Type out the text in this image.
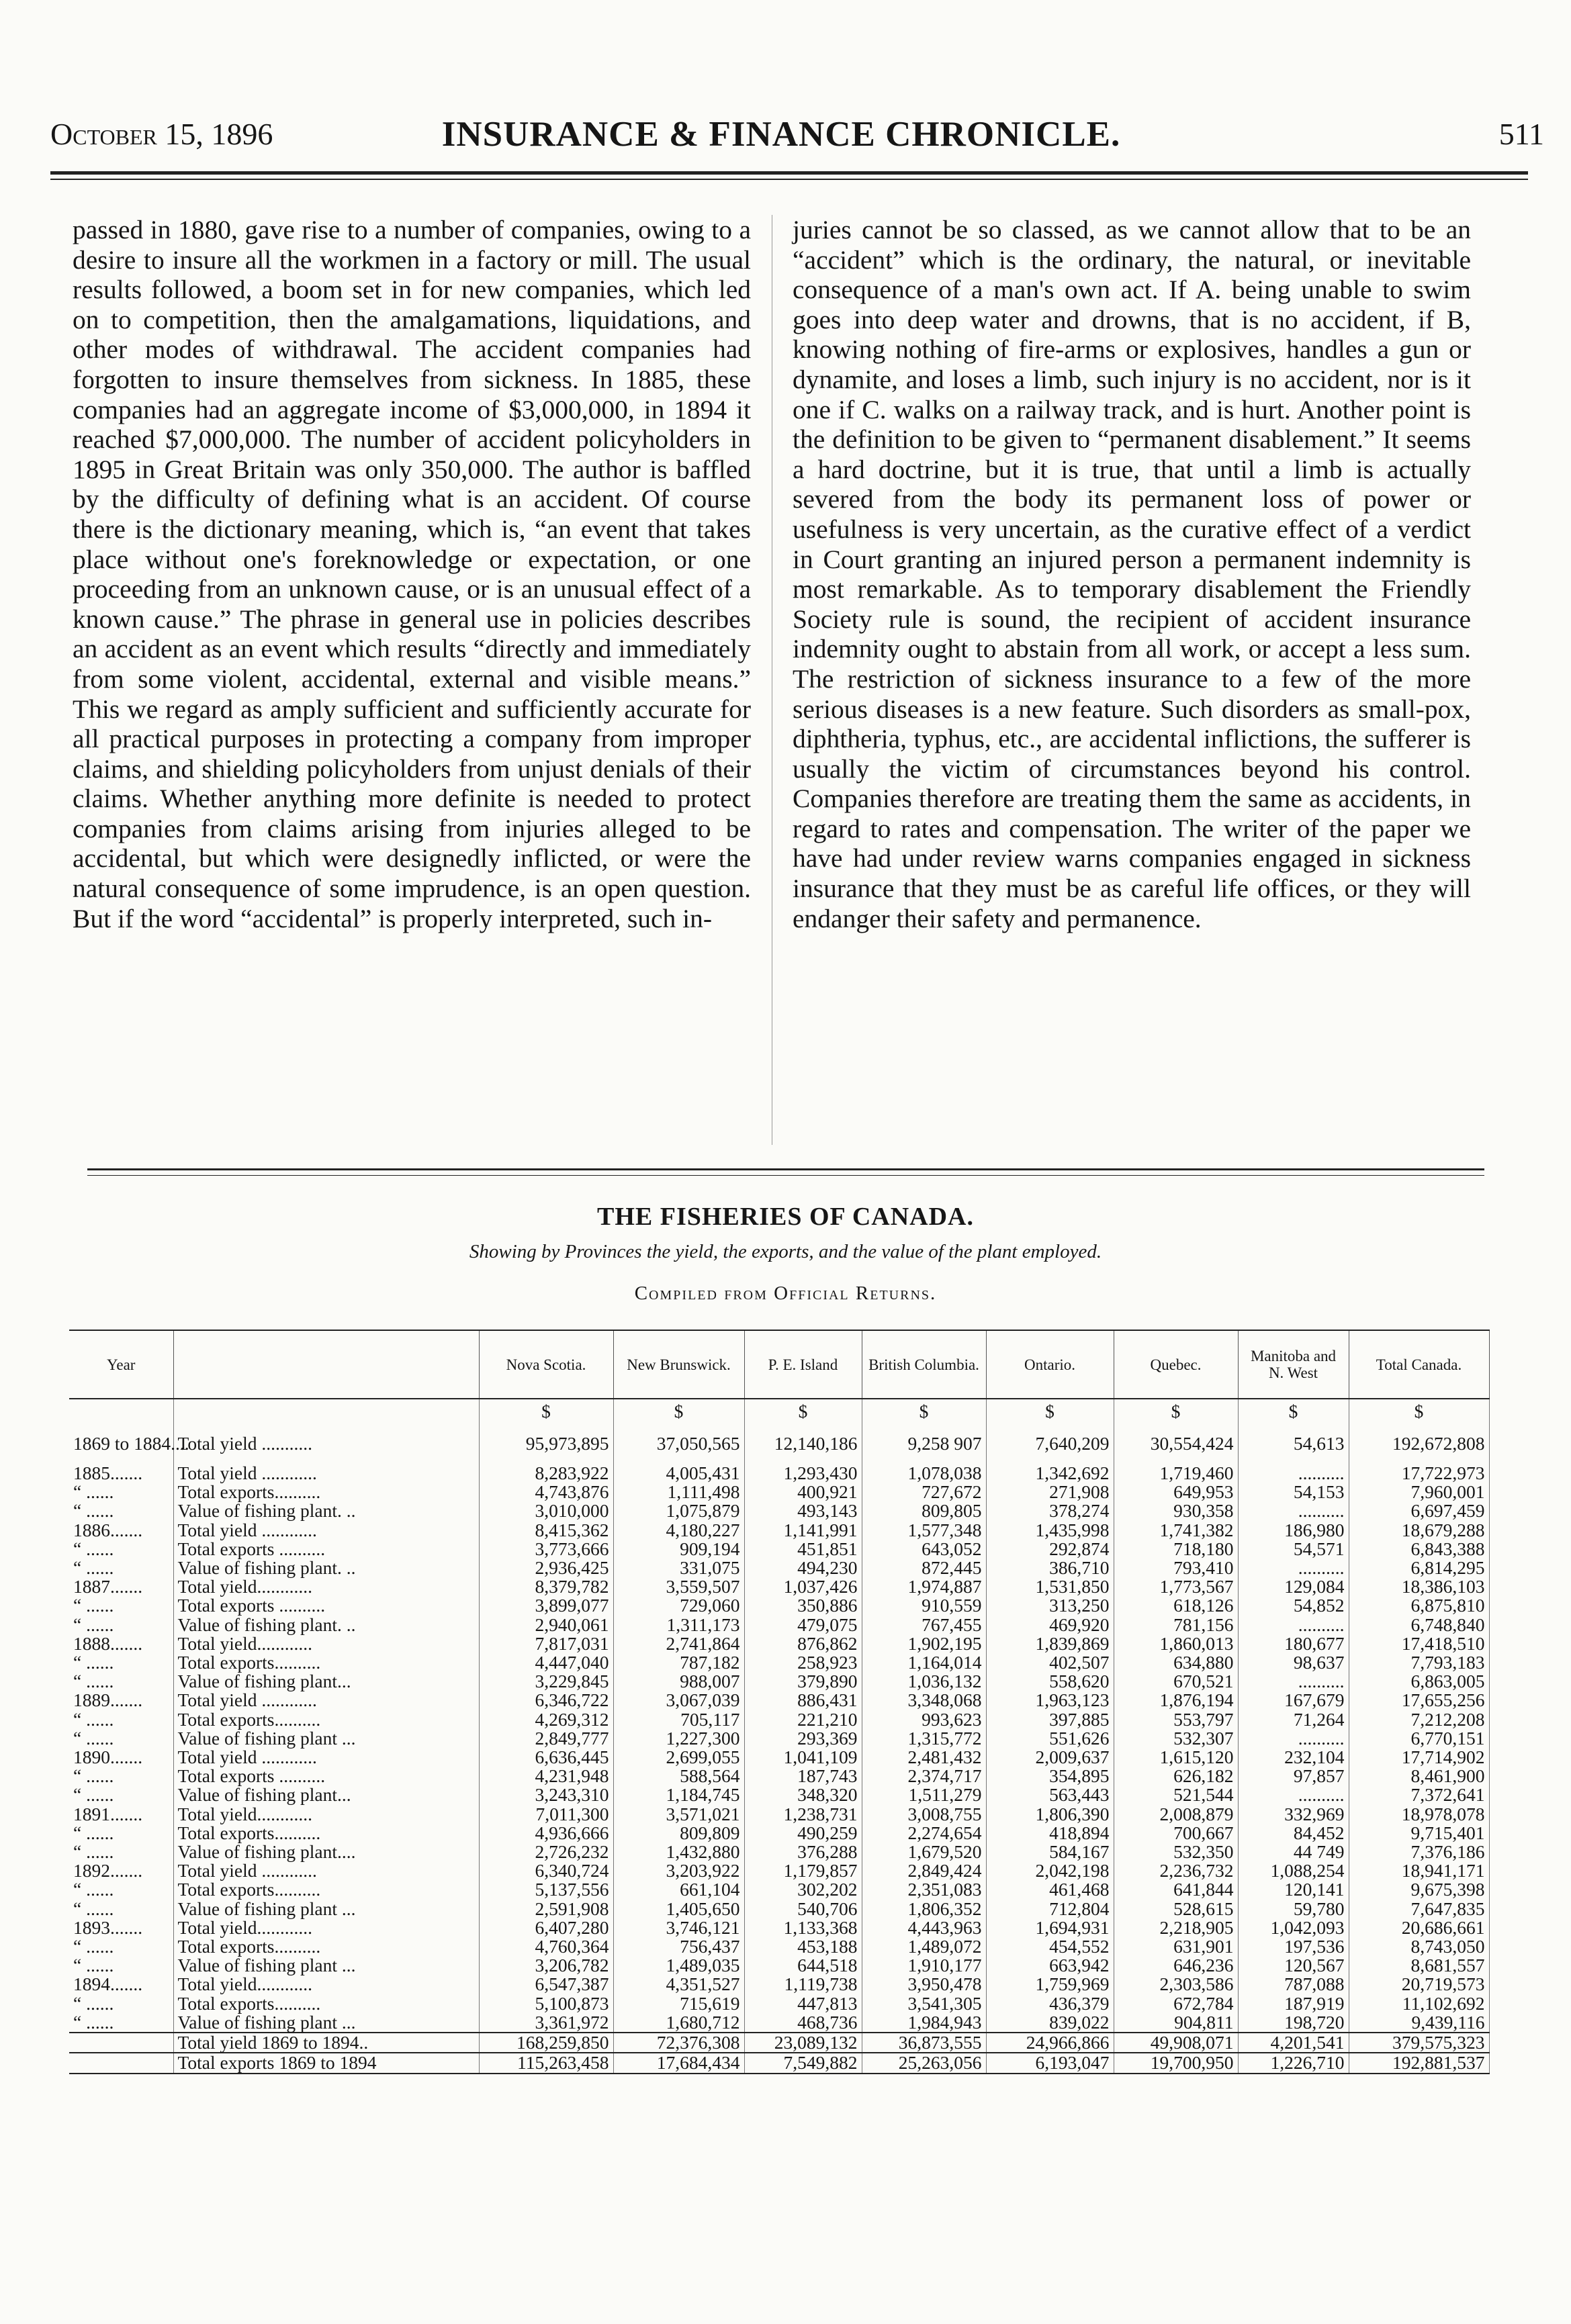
October 15, 1896	INSURANCE & FINANCE CHRONICLE.	511

passed in 1880, gave rise to a number of companies, owing to a desire to insure all the workmen in a factory or mill. The usual results followed, a boom set in for new companies, which led on to competition, then the amalgamations, liquidations, and other modes of withdrawal. The accident companies had forgotten to insure themselves from sickness. In 1885, these companies had an aggregate income of $3,000,000, in 1894 it reached $7,000,000. The number of accident policyholders in 1895 in Great Britain was only 350,000. The author is baffled by the difficulty of defining what is an accident. Of course there is the dictionary meaning, which is, “an event that takes place without one's foreknowledge or expectation, or one proceeding from an unknown cause, or is an unusual effect of a known cause.” The phrase in general use in policies describes an accident as an event which results “directly and immediately from some violent, accidental, external and visible means.” This we regard as amply sufficient and sufficiently accurate for all practical purposes in protecting a company from improper claims, and shielding policyholders from unjust denials of their claims. Whether anything more definite is needed to protect companies from claims arising from injuries alleged to be accidental, but which were designedly inflicted, or were the natural consequence of some imprudence, is an open question. But if the word “accidental” is properly interpreted, such in-

juries cannot be so classed, as we cannot allow that to be an “accident” which is the ordinary, the natural, or inevitable consequence of a man's own act. If A. being unable to swim goes into deep water and drowns, that is no accident, if B, knowing nothing of fire-arms or explosives, handles a gun or dynamite, and loses a limb, such injury is no accident, nor is it one if C. walks on a railway track, and is hurt. Another point is the definition to be given to “permanent disablement.” It seems a hard doctrine, but it is true, that until a limb is actually severed from the body its permanent loss of power or usefulness is very uncertain, as the curative effect of a verdict in Court granting an injured person a permanent indemnity is most remarkable. As to temporary disablement the Friendly Society rule is sound, the recipient of accident insurance indemnity ought to abstain from all work, or accept a less sum. The restriction of sickness insurance to a few of the more serious diseases is a new feature. Such disorders as small-pox, diphtheria, typhus, etc., are accidental inflictions, the sufferer is usually the victim of circumstances beyond his control. Companies therefore are treating them the same as accidents, in regard to rates and compensation. The writer of the paper we have had under review warns companies engaged in sickness insurance that they must be as careful life offices, or they will endanger their safety and permanence.

THE FISHERIES OF CANADA.
Showing by Provinces the yield, the exports, and the value of the plant employed.
Compiled from Official Returns.
Year		Nova Scotia.	New Brunswick.	P. E. Island	British Columbia.	Ontario.	Quebec.	Manitoba and N. West	Total Canada.
		$	$	$	$	$	$	$	$
1869 to 1884....	Total yield ...........	95,973,895	37,050,565	12,140,186	9,258 907	7,640,209	30,554,424	54,613	192,672,808
1885.......	Total yield ............	8,283,922	4,005,431	1,293,430	1,078,038	1,342,692	1,719,460	..........	17,722,973
“ ......	Total exports..........	4,743,876	1,111,498	400,921	727,672	271,908	649,953	54,153	7,960,001
“ ......	Value of fishing plant. ..	3,010,000	1,075,879	493,143	809,805	378,274	930,358	..........	6,697,459
1886.......	Total yield ............	8,415,362	4,180,227	1,141,991	1,577,348	1,435,998	1,741,382	186,980	18,679,288
“ ......	Total exports ..........	3,773,666	909,194	451,851	643,052	292,874	718,180	54,571	6,843,388
“ ......	Value of fishing plant. ..	2,936,425	331,075	494,230	872,445	386,710	793,410	..........	6,814,295
1887.......	Total yield............	8,379,782	3,559,507	1,037,426	1,974,887	1,531,850	1,773,567	129,084	18,386,103
“ ......	Total exports ..........	3,899,077	729,060	350,886	910,559	313,250	618,126	54,852	6,875,810
“ ......	Value of fishing plant. ..	2,940,061	1,311,173	479,075	767,455	469,920	781,156	..........	6,748,840
1888.......	Total yield............	7,817,031	2,741,864	876,862	1,902,195	1,839,869	1,860,013	180,677	17,418,510
“ ......	Total exports..........	4,447,040	787,182	258,923	1,164,014	402,507	634,880	98,637	7,793,183
“ ......	Value of fishing plant...	3,229,845	988,007	379,890	1,036,132	558,620	670,521	..........	6,863,005
1889.......	Total yield ............	6,346,722	3,067,039	886,431	3,348,068	1,963,123	1,876,194	167,679	17,655,256
“ ......	Total exports..........	4,269,312	705,117	221,210	993,623	397,885	553,797	71,264	7,212,208
“ ......	Value of fishing plant ...	2,849,777	1,227,300	293,369	1,315,772	551,626	532,307	..........	6,770,151
1890.......	Total yield ............	6,636,445	2,699,055	1,041,109	2,481,432	2,009,637	1,615,120	232,104	17,714,902
“ ......	Total exports ..........	4,231,948	588,564	187,743	2,374,717	354,895	626,182	97,857	8,461,900
“ ......	Value of fishing plant...	3,243,310	1,184,745	348,320	1,511,279	563,443	521,544	..........	7,372,641
1891.......	Total yield............	7,011,300	3,571,021	1,238,731	3,008,755	1,806,390	2,008,879	332,969	18,978,078
“ ......	Total exports..........	4,936,666	809,809	490,259	2,274,654	418,894	700,667	84,452	9,715,401
“ ......	Value of fishing plant....	2,726,232	1,432,880	376,288	1,679,520	584,167	532,350	44 749	7,376,186
1892.......	Total yield ............	6,340,724	3,203,922	1,179,857	2,849,424	2,042,198	2,236,732	1,088,254	18,941,171
“ ......	Total exports..........	5,137,556	661,104	302,202	2,351,083	461,468	641,844	120,141	9,675,398
“ ......	Value of fishing plant ...	2,591,908	1,405,650	540,706	1,806,352	712,804	528,615	59,780	7,647,835
1893.......	Total yield............	6,407,280	3,746,121	1,133,368	4,443,963	1,694,931	2,218,905	1,042,093	20,686,661
“ ......	Total exports..........	4,760,364	756,437	453,188	1,489,072	454,552	631,901	197,536	8,743,050
“ ......	Value of fishing plant ...	3,206,782	1,489,035	644,518	1,910,177	663,942	646,236	120,567	8,681,557
1894.......	Total yield............	6,547,387	4,351,527	1,119,738	3,950,478	1,759,969	2,303,586	787,088	20,719,573
“ ......	Total exports..........	5,100,873	715,619	447,813	3,541,305	436,379	672,784	187,919	11,102,692
“ ......	Value of fishing plant ...	3,361,972	1,680,712	468,736	1,984,943	839,022	904,811	198,720	9,439,116
	Total yield 1869 to 1894..	168,259,850	72,376,308	23,089,132	36,873,555	24,966,866	49,908,071	4,201,541	379,575,323
	Total exports 1869 to 1894	115,263,458	17,684,434	7,549,882	25,263,056	6,193,047	19,700,950	1,226,710	192,881,537
